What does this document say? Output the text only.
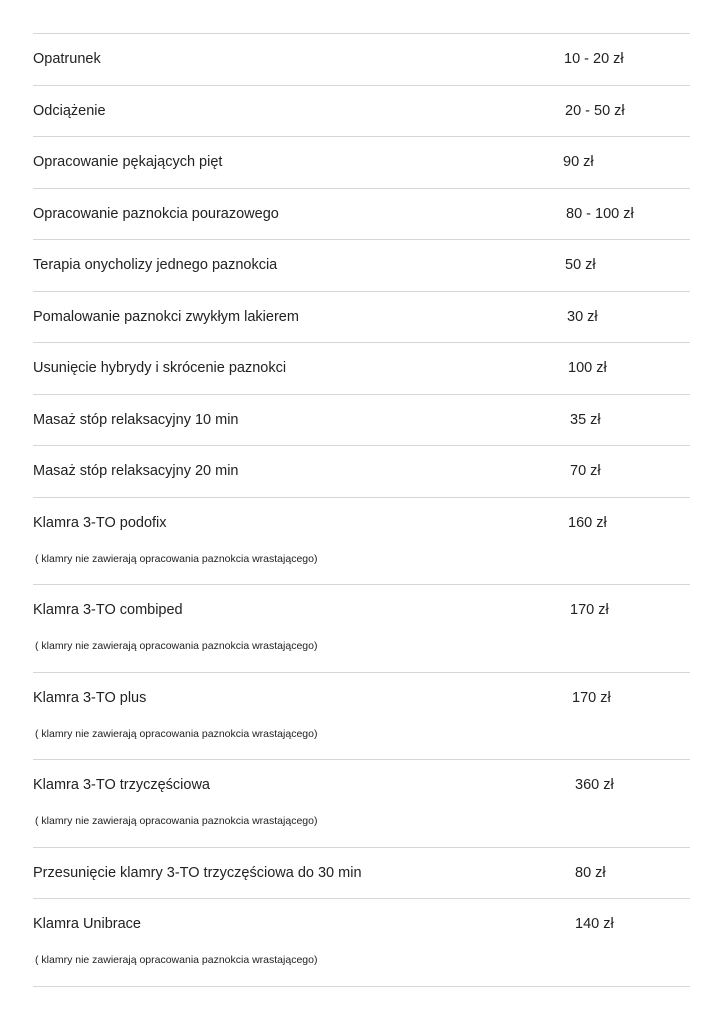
Opatrunek	10 - 20 zł
Odciążenie	20 - 50 zł
Opracowanie pękających pięt	90 zł
Opracowanie paznokcia pourazowego	80 - 100 zł
Terapia onycholizy jednego paznokcia	50 zł
Pomalowanie paznokci zwykłym lakierem	30 zł
Usunięcie hybrydy i skrócenie paznokci	100 zł
Masaż stóp relaksacyjny 10 min	35 zł
Masaż stóp relaksacyjny 20 min	70 zł
Klamra 3-TO podofix	160 zł
( klamry nie zawierają opracowania paznokcia wrastającego)
Klamra 3-TO combiped	170 zł
( klamry nie zawierają opracowania paznokcia wrastającego)
Klamra 3-TO plus	170 zł
( klamry nie zawierają opracowania paznokcia wrastającego)
Klamra 3-TO trzyczęściowa	360 zł
( klamry nie zawierają opracowania paznokcia wrastającego)
Przesunięcie klamry 3-TO trzyczęściowa do 30 min	80 zł
Klamra Unibrace	140 zł
( klamry nie zawierają opracowania paznokcia wrastającego)
